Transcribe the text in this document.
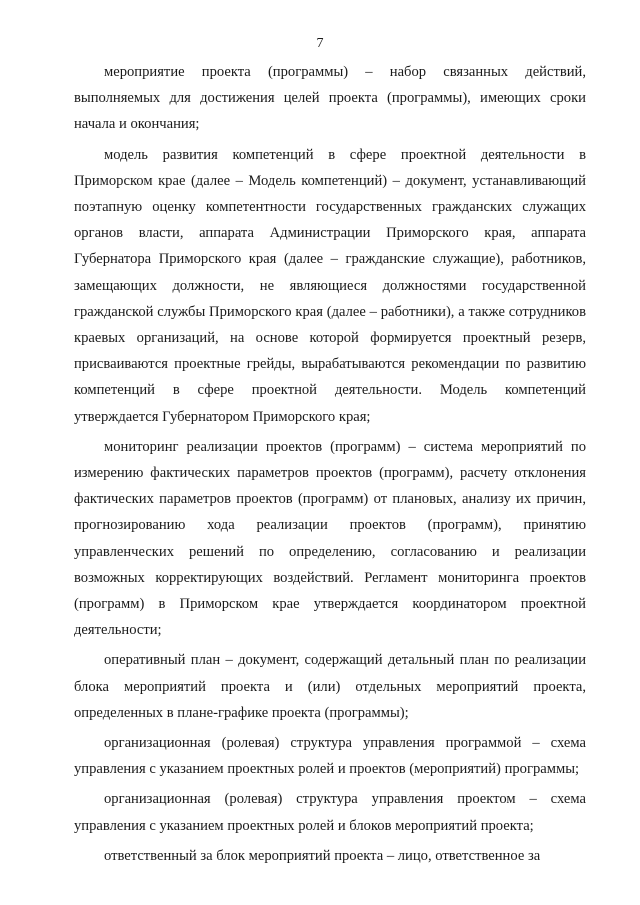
7

мероприятие проекта (программы) – набор связанных действий, выполняемых для достижения целей проекта (программы), имеющих сроки начала и окончания;

модель развития компетенций в сфере проектной деятельности в Приморском крае (далее – Модель компетенций) – документ, устанавливающий поэтапную оценку компетентности государственных гражданских служащих органов власти, аппарата Администрации Приморского края, аппарата Губернатора Приморского края (далее – гражданские служащие), работников, замещающих должности, не являющиеся должностями государственной гражданской службы Приморского края (далее – работники), а также сотрудников краевых организаций, на основе которой формируется проектный резерв, присваиваются проектные грейды, вырабатываются рекомендации по развитию компетенций в сфере проектной деятельности. Модель компетенций утверждается Губернатором Приморского края;

мониторинг реализации проектов (программ) – система мероприятий по измерению фактических параметров проектов (программ), расчету отклонения фактических параметров проектов (программ) от плановых, анализу их причин, прогнозированию хода реализации проектов (программ), принятию управленческих решений по определению, согласованию и реализации возможных корректирующих воздействий. Регламент мониторинга проектов (программ) в Приморском крае утверждается координатором проектной деятельности;

оперативный план – документ, содержащий детальный план по реализации блока мероприятий проекта и (или) отдельных мероприятий проекта, определенных в плане-графике проекта (программы);

организационная (ролевая) структура управления программой – схема управления с указанием проектных ролей и проектов (мероприятий) программы;

организационная (ролевая) структура управления проектом – схема управления с указанием проектных ролей и блоков мероприятий проекта;

ответственный за блок мероприятий проекта – лицо, ответственное за
